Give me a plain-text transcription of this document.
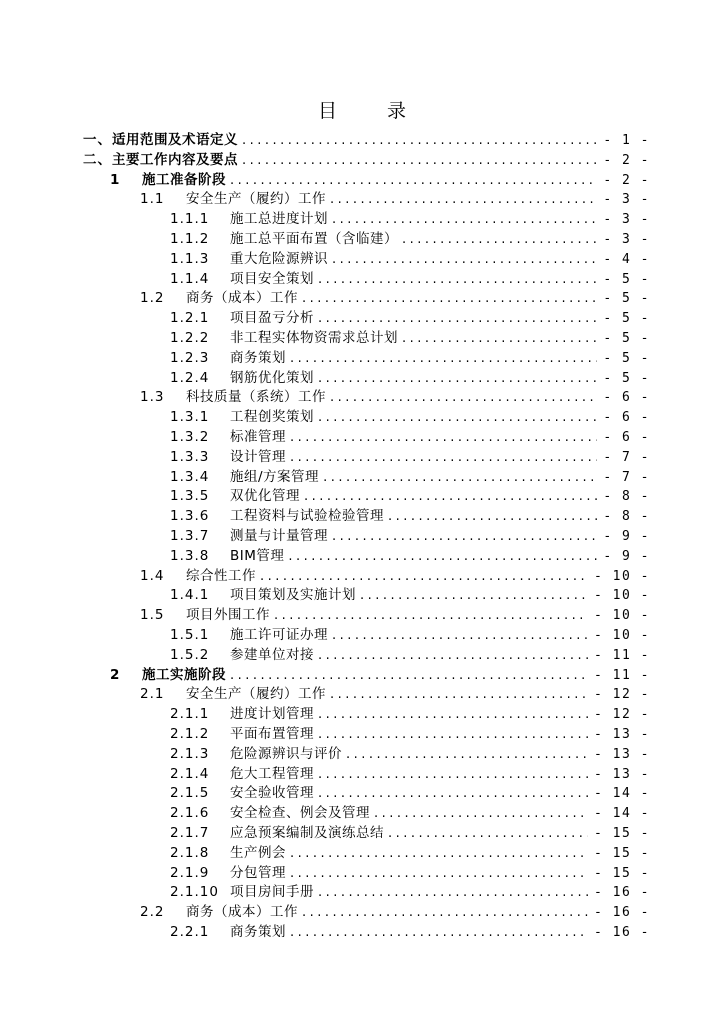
目 录
一、 适用范围及术语定义 .....	- 1 -
二、 主要工作内容及要点 .....	- 2 -
1	施工准备阶段 .....	- 2 -
1.1	安全生产（履约）工作 .....	- 3 -
1.1.1	施工总进度计划 .....	- 3 -
1.1.2	施工总平面布置（含临建） .....	- 3 -
1.1.3	重大危险源辨识 .....	- 4 -
1.1.4	项目安全策划 .....	- 5 -
1.2	商务（成本）工作 .....	- 5 -
1.2.1	项目盈亏分析 .....	- 5 -
1.2.2	非工程实体物资需求总计划 .....	- 5 -
1.2.3	商务策划 .....	- 5 -
1.2.4	钢筋优化策划 .....	- 5 -
1.3	科技质量（系统）工作 .....	- 6 -
1.3.1	工程创奖策划 .....	- 6 -
1.3.2	标准管理 .....	- 6 -
1.3.3	设计管理 .....	- 7 -
1.3.4	施组/方案管理 .....	- 7 -
1.3.5	双优化管理 .....	- 8 -
1.3.6	工程资料与试验检验管理 .....	- 8 -
1.3.7	测量与计量管理 .....	- 9 -
1.3.8	BIM管理 .....	- 9 -
1.4	综合性工作 .....	- 10 -
1.4.1	项目策划及实施计划 .....	- 10 -
1.5	项目外围工作 .....	- 10 -
1.5.1	施工许可证办理 .....	- 10 -
1.5.2	参建单位对接 .....	- 11 -
2	施工实施阶段 .....	- 11 -
2.1	安全生产（履约）工作 .....	- 12 -
2.1.1	进度计划管理 .....	- 12 -
2.1.2	平面布置管理 .....	- 13 -
2.1.3	危险源辨识与评价 .....	- 13 -
2.1.4	危大工程管理 .....	- 13 -
2.1.5	安全验收管理 .....	- 14 -
2.1.6	安全检查、例会及管理 .....	- 14 -
2.1.7	应急预案编制及演练总结 .....	- 15 -
2.1.8	生产例会 .....	- 15 -
2.1.9	分包管理 .....	- 15 -
2.1.10 项目房间手册 .....	- 16 -
2.2	商务（成本）工作 .....	- 16 -
2.2.1	商务策划 .....	- 16 -
